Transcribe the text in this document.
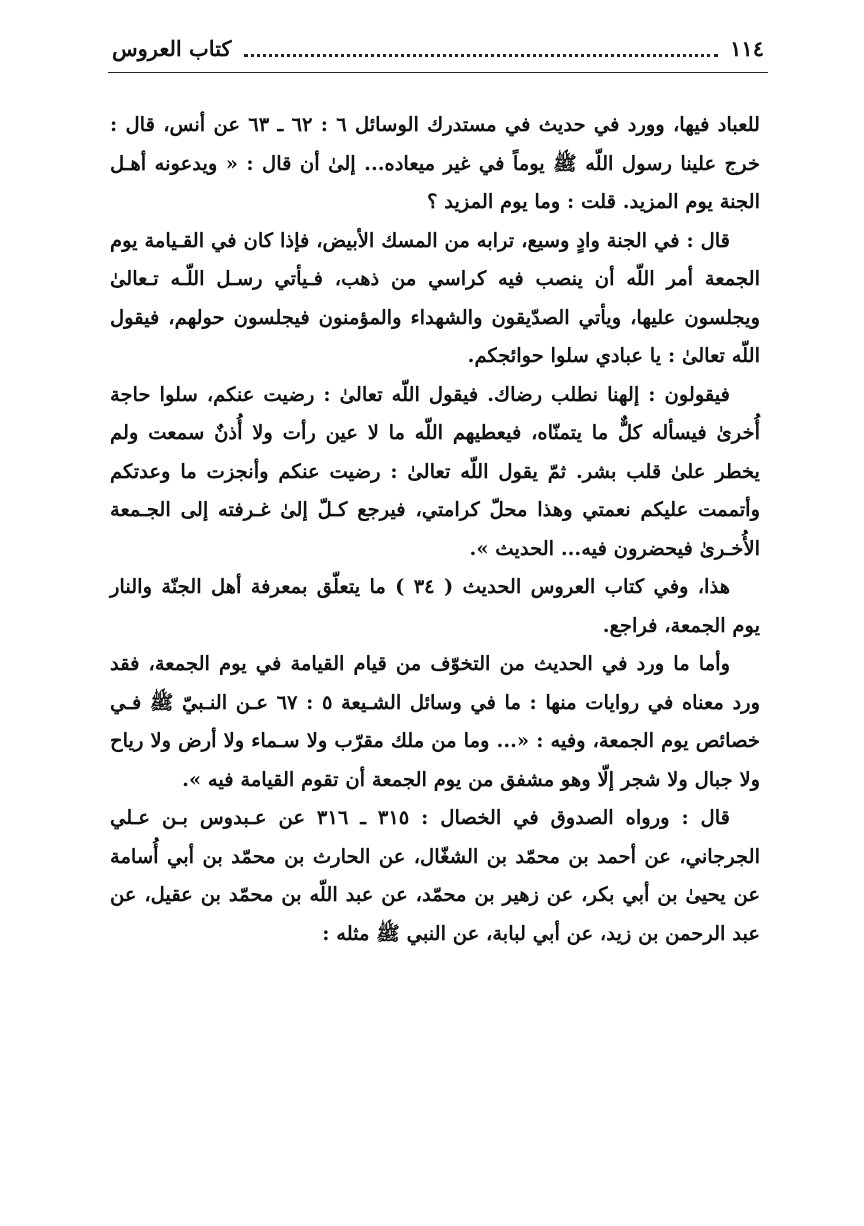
١١٤
كتاب العروس

للعباد فيها، وورد في حديث في مستدرك الوسائل ٦ : ٦٢ ـ ٦٣ عن أنس، قال : خرج علينا رسول اللّه ﷺ يوماً في غير ميعاده... إلىٰ أن قال : « ويدعونه أهـل الجنة يوم المزيد. قلت : وما يوم المزيد ؟

قال : في الجنة وادٍ وسيع، ترابه من المسك الأبيض، فإذا كان في القـيامة يوم الجمعة أمر اللّه أن ينصب فيه كراسي من ذهب، فـيأتي رسـل اللّـه تـعالىٰ ويجلسون عليها، ويأتي الصدّيقون والشهداء والمؤمنون فيجلسون حولهم، فيقول اللّه تعالىٰ : يا عبادي سلوا حوائجكم.

فيقولون : إلهنا نطلب رضاك. فيقول اللّه تعالىٰ : رضيت عنكم، سلوا حاجة أُخرىٰ فيسأله كلٌّ ما يتمنّاه، فيعطيهم اللّه ما لا عين رأت ولا أُذنٌ سمعت ولم يخطر علىٰ قلب بشر. ثمّ يقول اللّه تعالىٰ : رضيت عنكم وأنجزت ما وعدتكم وأتممت عليكم نعمتي وهذا محلّ كرامتي، فيرجع كـلّ إلىٰ غـرفته إلى الجـمعة الأُخـرىٰ فيحضرون فيه... الحديث ».

هذا، وفي كتاب العروس الحديث ( ٣٤ ) ما يتعلّق بمعرفة أهل الجنّة والنار يوم الجمعة، فراجع.

وأما ما ورد في الحديث من التخوّف من قيام القيامة في يوم الجمعة، فقد ورد معناه في روايات منها : ما في وسائل الشـيعة ٥ : ٦٧ عـن النـبيّ ﷺ فـي خصائص يوم الجمعة، وفيه : «... وما من ملك مقرّب ولا سـماء ولا أرض ولا رياح ولا جبال ولا شجر إلّا وهو مشفق من يوم الجمعة أن تقوم القيامة فيه ».

قال : ورواه الصدوق في الخصال : ٣١٥ ـ ٣١٦ عن عـبدوس بـن عـلي الجرجاني، عن أحمد بن محمّد بن الشغّال، عن الحارث بن محمّد بن أبي أُسامة عن يحيىٰ بن أبي بكر، عن زهير بن محمّد، عن عبد اللّه بن محمّد بن عقيل، عن عبد الرحمن بن زيد، عن أبي لبابة، عن النبي ﷺ مثله :
